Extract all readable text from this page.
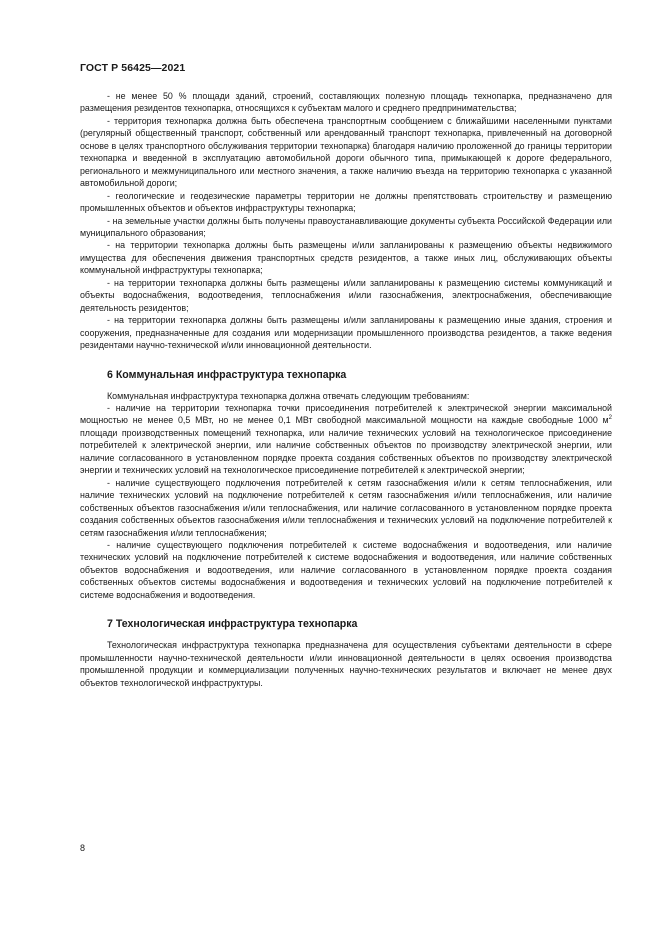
ГОСТ Р 56425—2021

- не менее 50 % площади зданий, строений, составляющих полезную площадь технопарка, предназначено для размещения резидентов технопарка, относящихся к субъектам малого и среднего предпринимательства;

- территория технопарка должна быть обеспечена транспортным сообщением с ближайшими населенными пунктами (регулярный общественный транспорт, собственный или арендованный транспорт технопарка, привлеченный на договорной основе в целях транспортного обслуживания территории технопарка) благодаря наличию проложенной до границы территории технопарка и введенной в эксплуатацию автомобильной дороги обычного типа, примыкающей к дороге федерального, регионального и межмуниципального или местного значения, а также наличию въезда на территорию технопарка с указанной автомобильной дороги;

- геологические и геодезические параметры территории не должны препятствовать строительству и размещению промышленных объектов и объектов инфраструктуры технопарка;

- на земельные участки должны быть получены правоустанавливающие документы субъекта Российской Федерации или муниципального образования;

- на территории технопарка должны быть размещены и/или запланированы к размещению объекты недвижимого имущества для обеспечения движения транспортных средств резидентов, а также иных лиц, обслуживающих объекты коммунальной инфраструктуры технопарка;

- на территории технопарка должны быть размещены и/или запланированы к размещению системы коммуникаций и объекты водоснабжения, водоотведения, теплоснабжения и/или газоснабжения, электроснабжения, обеспечивающие деятельность резидентов;

- на территории технопарка должны быть размещены и/или запланированы к размещению иные здания, строения и сооружения, предназначенные для создания или модернизации промышленного производства резидентов, а также ведения резидентами научно-технической и/или инновационной деятельности.

6 Коммунальная инфраструктура технопарка

Коммунальная инфраструктура технопарка должна отвечать следующим требованиям:

- наличие на территории технопарка точки присоединения потребителей к электрической энергии максимальной мощностью не менее 0,5 МВт, но не менее 0,1 МВт свободной максимальной мощности на каждые свободные 1000 $м^2$ площади производственных помещений технопарка, или наличие технических условий на технологическое присоединение потребителей к электрической энергии, или наличие собственных объектов по производству электрической энергии, или наличие согласованного в установленном порядке проекта создания собственных объектов по производству электрической энергии и технических условий на технологическое присоединение потребителей к электрической энергии;

- наличие существующего подключения потребителей к сетям газоснабжения и/или к сетям теплоснабжения, или наличие технических условий на подключение потребителей к сетям газоснабжения и/или теплоснабжения, или наличие собственных объектов газоснабжения и/или теплоснабжения, или наличие согласованного в установленном порядке проекта создания собственных объектов газоснабжения и/или теплоснабжения и технических условий на подключение потребителей к сетям газоснабжения и/или теплоснабжения;

- наличие существующего подключения потребителей к системе водоснабжения и водоотведения, или наличие технических условий на подключение потребителей к системе водоснабжения и водоотведения, или наличие собственных объектов водоснабжения и водоотведения, или наличие согласованного в установленном порядке проекта создания собственных объектов системы водоснабжения и водоотведения и технических условий на подключение потребителей к системе водоснабжения и водоотведения.

7 Технологическая инфраструктура технопарка

Технологическая инфраструктура технопарка предназначена для осуществления субъектами деятельности в сфере промышленности научно-технической деятельности и/или инновационной деятельности в целях освоения производства промышленной продукции и коммерциализации полученных научно-технических результатов и включает не менее двух объектов технологической инфраструктуры.

8
